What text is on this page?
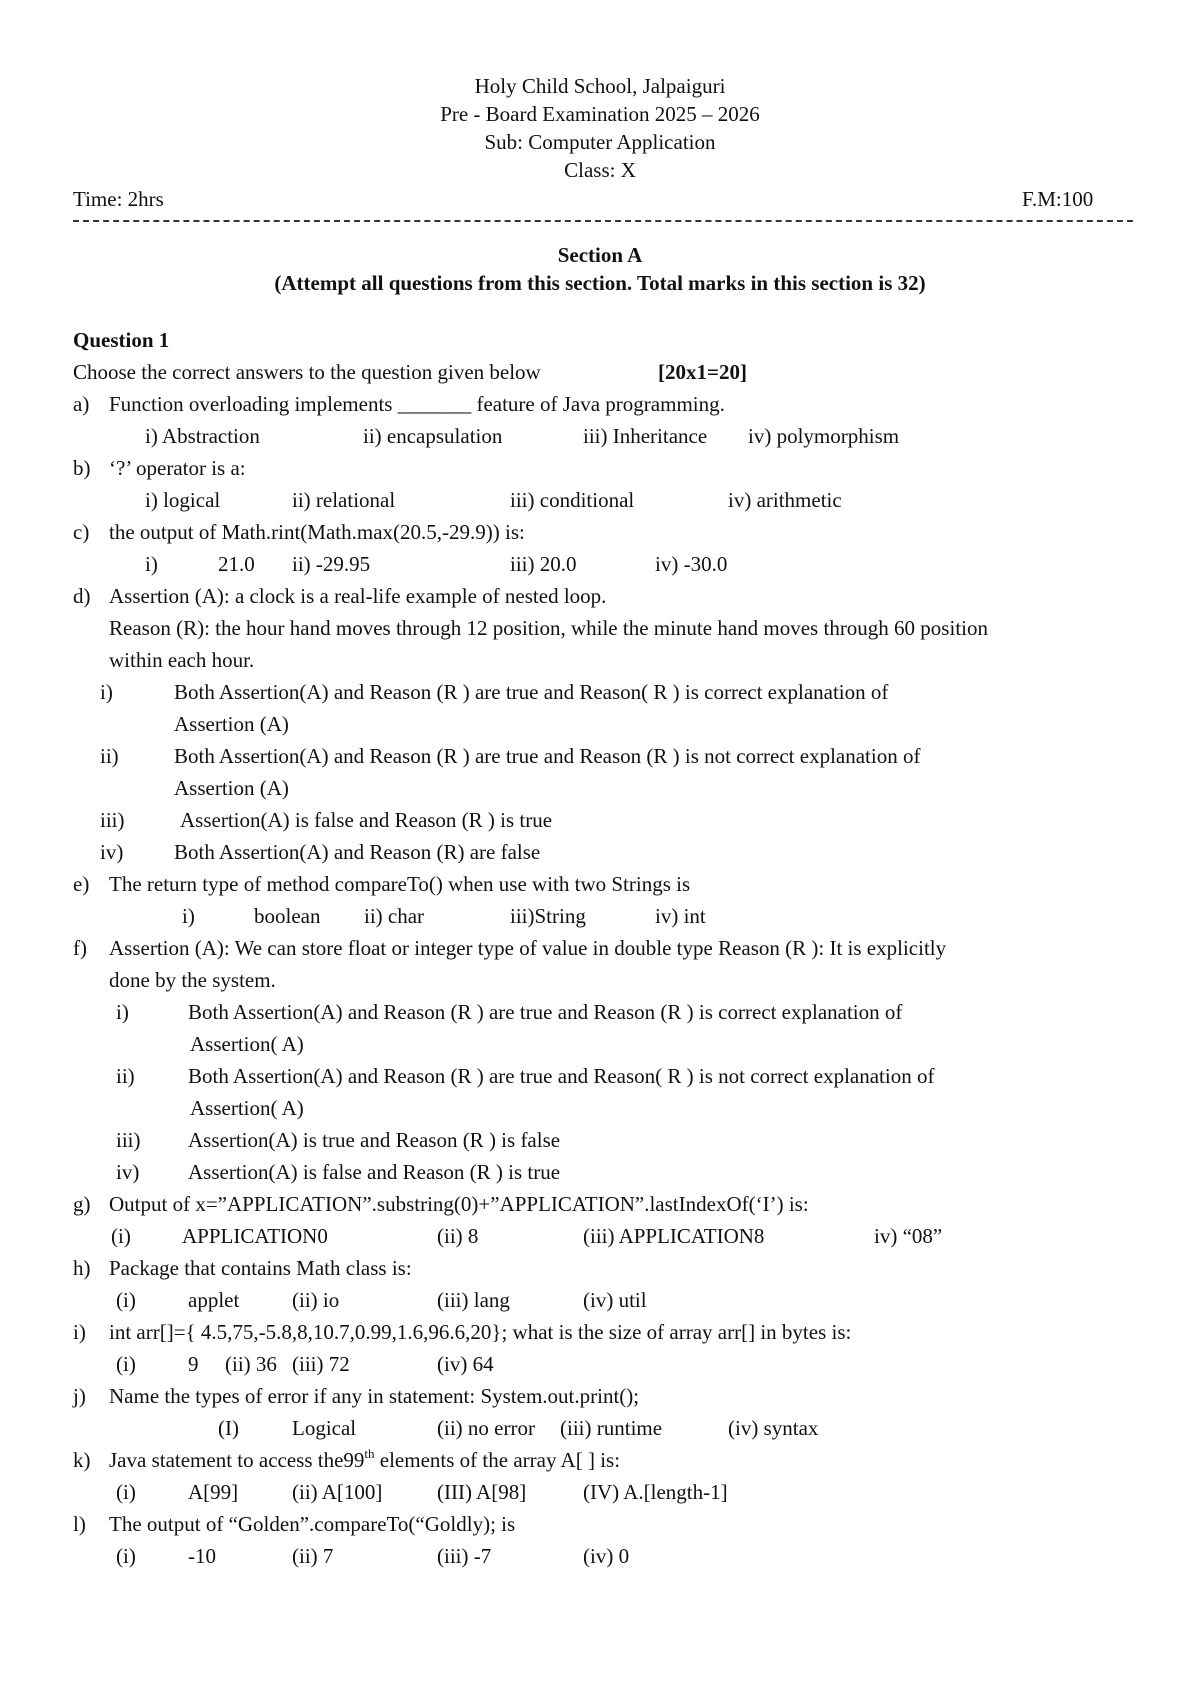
Holy Child School, Jalpaiguri
Pre - Board Examination 2025 – 2026
Sub: Computer Application
Class: X
Time: 2hrs	F.M:100
Section A
(Attempt all questions from this section. Total marks in this section is 32)
Question 1
Choose the correct answers to the question given below	[20x1=20]
a) Function overloading implements _______ feature of Java programming.
i) Abstraction	ii) encapsulation	iii) Inheritance iv) polymorphism
b) ‘?’ operator is a:
i) logical	ii) relational	iii) conditional	iv) arithmetic
c) the output of Math.rint(Math.max(20.5,-29.9)) is:
i)	21.0 ii) -29.95	iii) 20.0	iv) -30.0
d) Assertion (A): a clock is a real-life example of nested loop.
Reason (R): the hour hand moves through 12 position, while the minute hand moves through 60 position
within each hour.
i)	Both Assertion(A) and Reason (R ) are true and Reason( R ) is correct explanation of
Assertion (A)
ii)	Both Assertion(A) and Reason (R ) are true and Reason (R ) is not correct explanation of
Assertion (A)
iii)	Assertion(A) is false and Reason (R ) is true
iv) Both Assertion(A) and Reason (R) are false
e) The return type of method compareTo() when use with two Strings is
i)	boolean ii) char	iii)String	iv) int
f) Assertion (A): We can store float or integer type of value in double type Reason (R ): It is explicitly
done by the system.
i)	Both Assertion(A) and Reason (R ) are true and Reason (R ) is correct explanation of
Assertion( A)
ii)	Both Assertion(A) and Reason (R ) are true and Reason( R ) is not correct explanation of
Assertion( A)
iii) Assertion(A) is true and Reason (R ) is false
iv) Assertion(A) is false and Reason (R ) is true
g) Output of x=”APPLICATION”.substring(0)+”APPLICATION”.lastIndexOf(‘I’) is:
(i) APPLICATION0	(ii) 8	(iii) APPLICATION8	iv) “08”
h) Package that contains Math class is:
(i) applet	(ii) io	(iii) lang	(iv) util
i) int arr[]={ 4.5,75,-5.8,8,10.7,0.99,1.6,96.6,20}; what is the size of array arr[] in bytes is:
(i) 9 (ii) 36 (iii) 72	(iv) 64
j) Name the types of error if any in statement: System.out.print();
(I)	Logical	(ii) no error (iii) runtime	(iv) syntax
k) Java statement to access the99th elements of the array A[ ] is:
(i) A[99]	(ii) A[100]	(III) A[98]	(IV) A.[length-1]
l) The output of “Golden”.compareTo(“Goldly); is
(i) -10	(ii) 7	(iii) -7	(iv) 0
